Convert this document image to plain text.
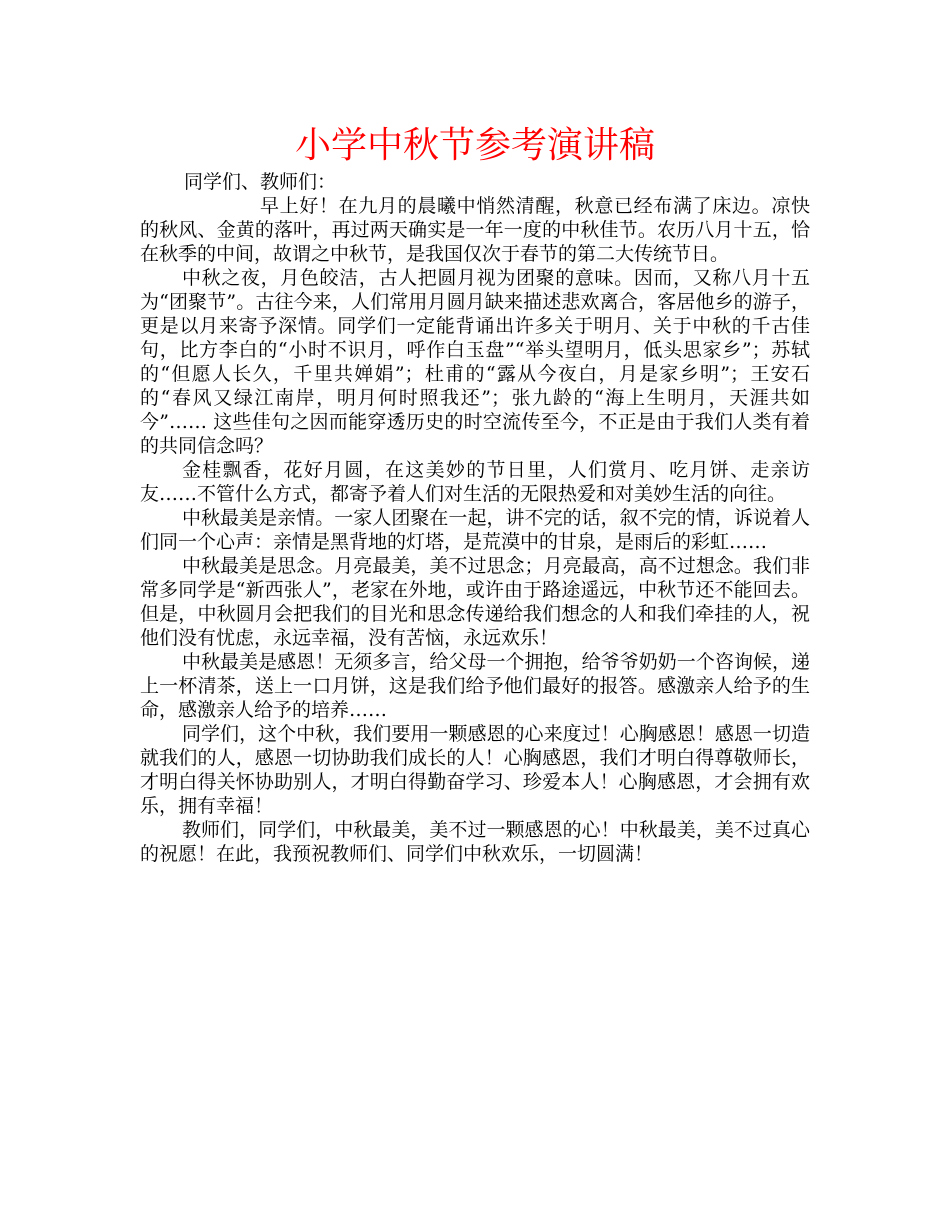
小学中秋节参考演讲稿

同学们、教师们：

早上好！在九月的晨曦中悄然清醒，秋意已经布满了床边。凉快的秋风、金黄的落叶，再过两天确实是一年一度的中秋佳节。农历八月十五，恰在秋季的中间，故谓之中秋节，是我国仅次于春节的第二大传统节日。

中秋之夜，月色皎洁，古人把圆月视为团聚的意味。因而，又称八月十五为“团聚节”。古往今来，人们常用月圆月缺来描述悲欢离合，客居他乡的游子，更是以月来寄予深情。同学们一定能背诵出许多关于明月、关于中秋的千古佳句，比方李白的“小时不识月，呼作白玉盘”“举头望明月，低头思家乡”；苏轼的“但愿人长久，千里共婵娟”；杜甫的“露从今夜白，月是家乡明”；王安石的“春风又绿江南岸，明月何时照我还”；张九龄的“海上生明月，天涯共如今”…… 这些佳句之因而能穿透历史的时空流传至今，不正是由于我们人类有着的共同信念吗？

金桂飘香，花好月圆，在这美妙的节日里，人们赏月、吃月饼、走亲访友……不管什么方式，都寄予着人们对生活的无限热爱和对美妙生活的向往。

中秋最美是亲情。一家人团聚在一起，讲不完的话，叙不完的情，诉说着人们同一个心声：亲情是黑背地的灯塔，是荒漠中的甘泉，是雨后的彩虹……

中秋最美是思念。月亮最美，美不过思念；月亮最高，高不过想念。我们非常多同学是“新西张人”，老家在外地，或许由于路途遥远，中秋节还不能回去。但是，中秋圆月会把我们的目光和思念传递给我们想念的人和我们牵挂的人，祝他们没有忧虑，永远幸福，没有苦恼，永远欢乐！

中秋最美是感恩！无须多言，给父母一个拥抱，给爷爷奶奶一个咨询候，递上一杯清茶，送上一口月饼，这是我们给予他们最好的报答。感激亲人给予的生命，感激亲人给予的培养……

同学们，这个中秋，我们要用一颗感恩的心来度过！心胸感恩！感恩一切造就我们的人，感恩一切协助我们成长的人！心胸感恩，我们才明白得尊敬师长，才明白得关怀协助别人，才明白得勤奋学习、珍爱本人！心胸感恩，才会拥有欢乐，拥有幸福！

教师们，同学们，中秋最美，美不过一颗感恩的心！中秋最美，美不过真心的祝愿！在此，我预祝教师们、同学们中秋欢乐，一切圆满！
